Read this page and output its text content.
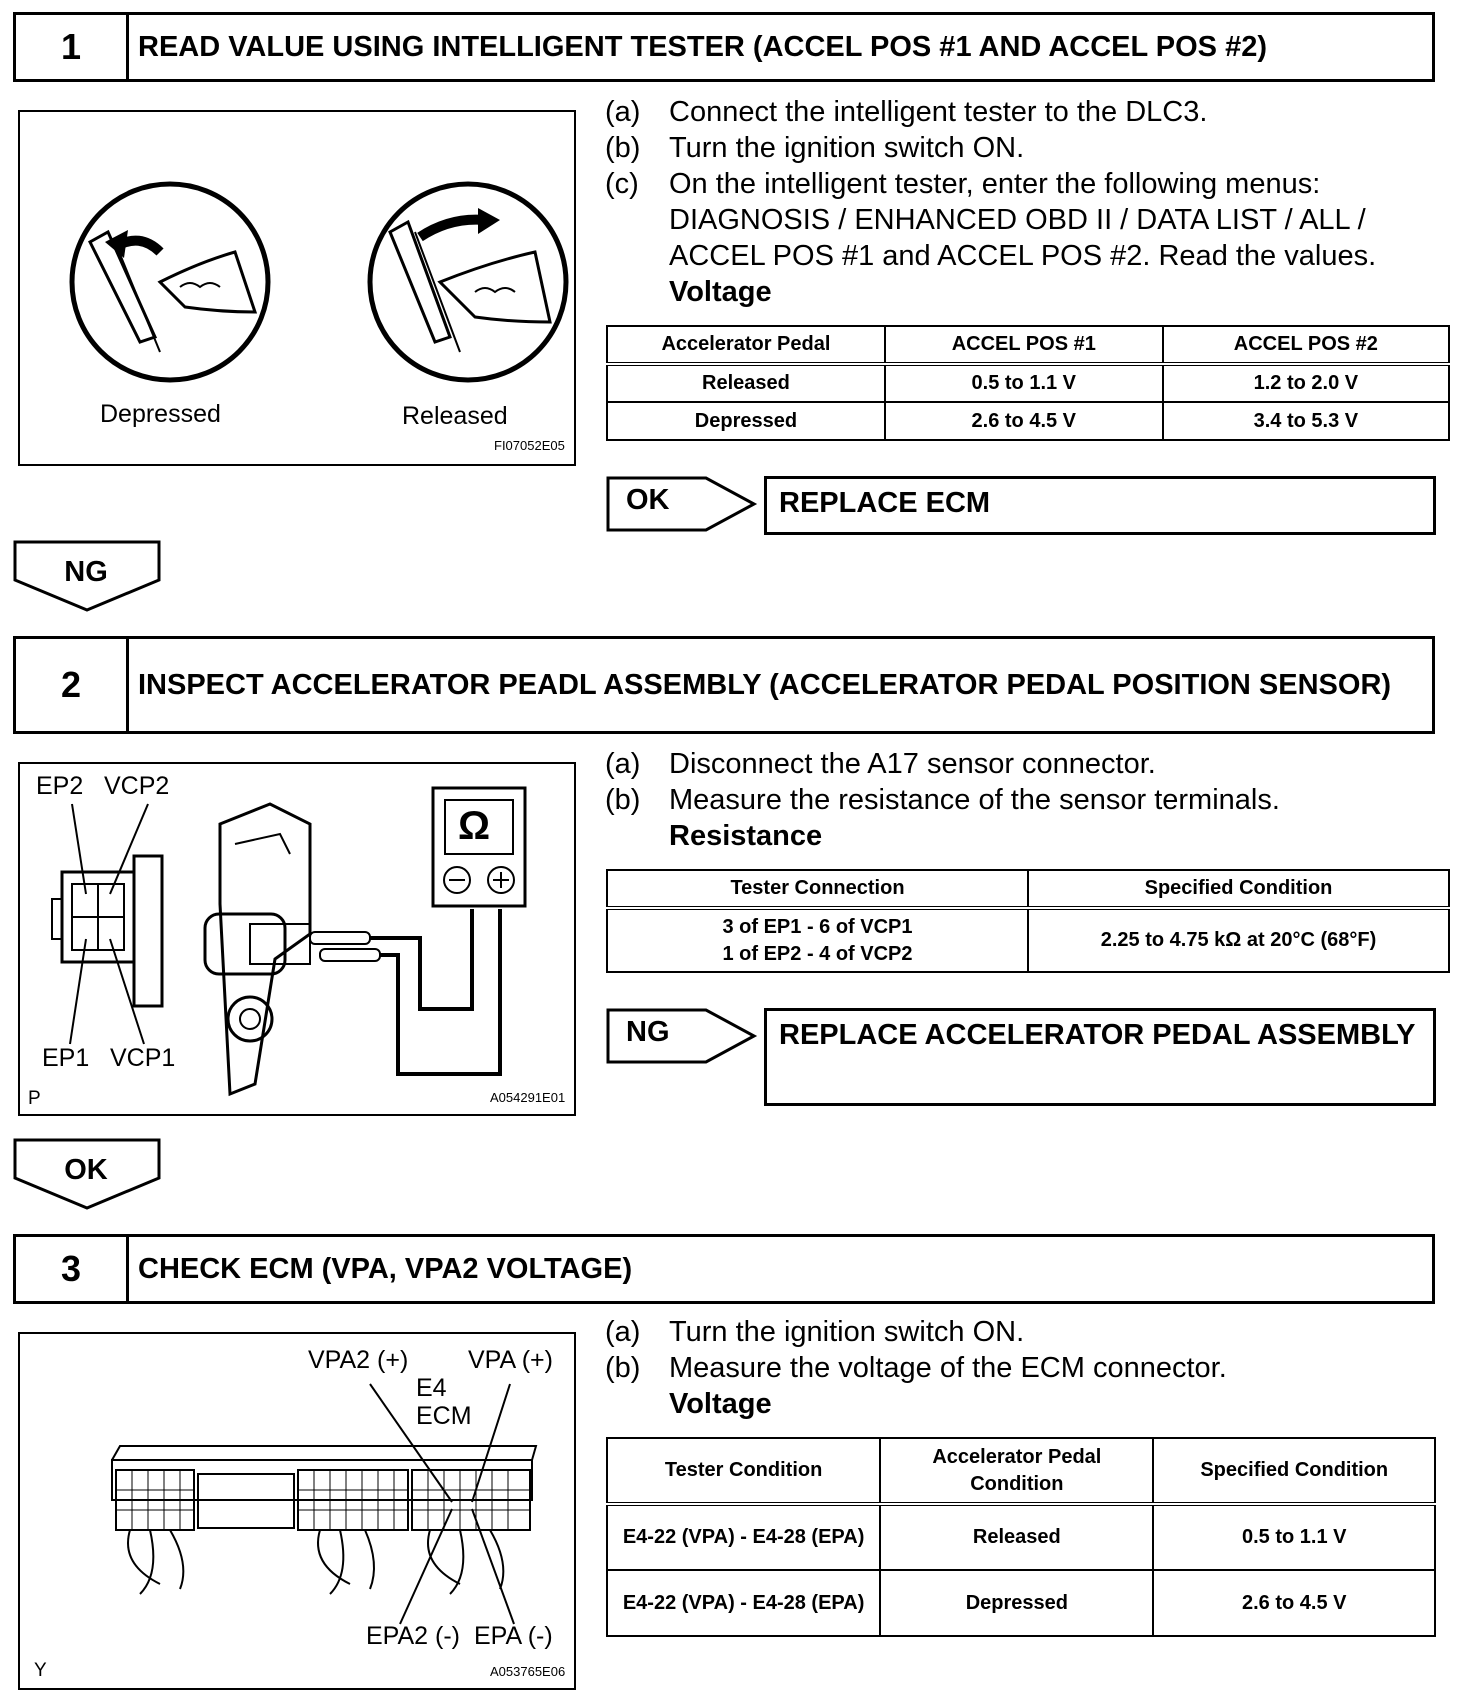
1	READ VALUE USING INTELLIGENT TESTER (ACCEL POS #1 AND ACCEL POS #2)
Depressed	Released
FI07052E05
(a) Connect the intelligent tester to the DLC3.
(b) Turn the ignition switch ON.
(c)	On the intelligent tester, enter the following menus:
DIAGNOSIS / ENHANCED OBD II / DATA LIST / ALL /
ACCEL POS #1 and ACCEL POS #2. Read the values.
Voltage
Accelerator Pedal	ACCEL POS #1	ACCEL POS #2
Released	0.5 to 1.1 V	1.2 to 2.0 V
Depressed	2.6 to 4.5 V	3.4 to 5.3 V
OK	REPLACE ECM
NG
2	INSPECT ACCELERATOR PEADL ASSEMBLY (ACCELERATOR PEDAL POSITION SENSOR)
EP2 VCP2
EP1 VCP1
P
Ω
A054291E01
(a) Disconnect the A17 sensor connector.
(b) Measure the resistance of the sensor terminals.
Resistance
Tester Connection	Specified Condition
3 of EP1 - 6 of VCP1
1 of EP2 - 4 of VCP2	2.25 to 4.75 kΩ at 20°C (68°F)
NG	REPLACE ACCELERATOR PEDAL ASSEMBLY
OK
3	CHECK ECM (VPA, VPA2 VOLTAGE)
VPA2 (+) VPA (+)
E4
ECM
EPA2 (-) EPA (-)
Y	A053765E06
(a) Turn the ignition switch ON.
(b) Measure the voltage of the ECM connector.
Voltage
Tester Condition	Accelerator Pedal Condition	Specified Condition
E4-22 (VPA) - E4-28 (EPA)	Released	0.5 to 1.1 V
E4-22 (VPA) - E4-28 (EPA)	Depressed	2.6 to 4.5 V
